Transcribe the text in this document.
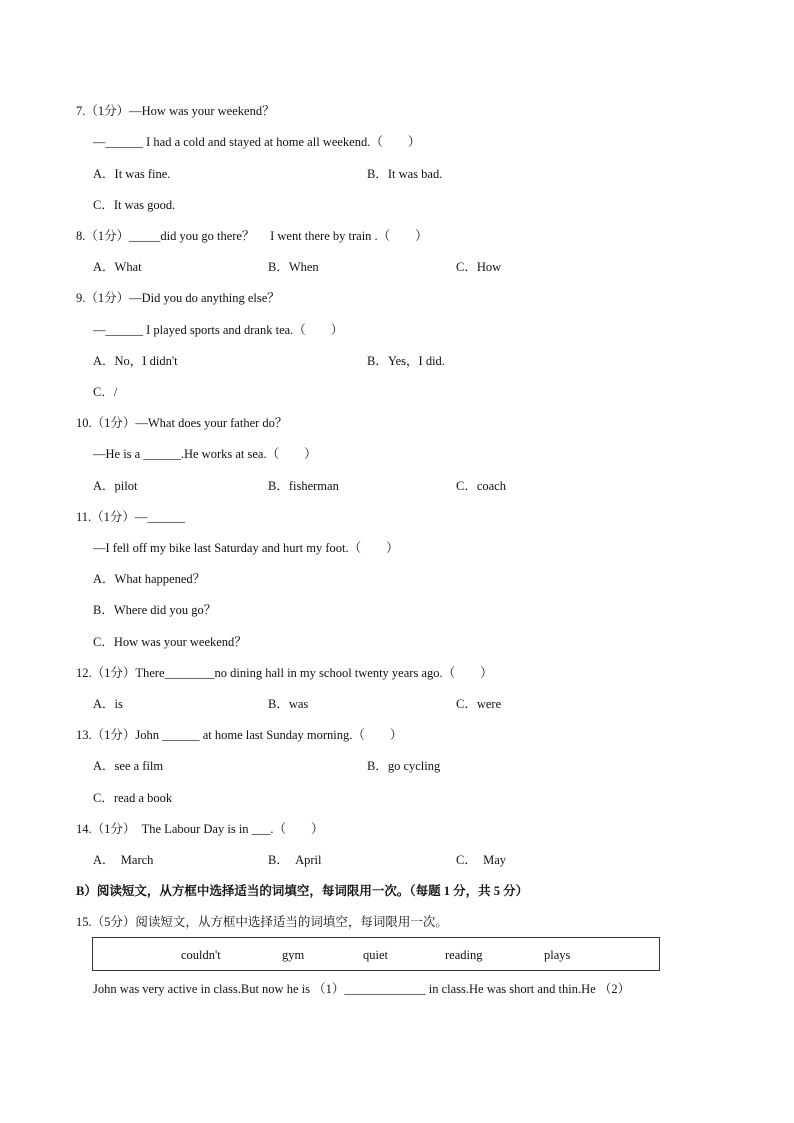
7.（1分）—How was your weekend？
—______ I had a cold and stayed at home all weekend.（　　）
A．It was fine.	B．It was bad.
C．It was good.
8.（1分）_____did you go there？　 I went there by train .（　　）
A．What	B．When	C．How
9.（1分）—Did you do anything else？
—______ I played sports and drank tea.（　　）
A．No，I didn't	B．Yes，I did.
C．/
10.（1分）—What does your father do？
—He is a ______.He works at sea.（　　）
A．pilot	B．fisherman	C．coach
11.（1分）—______
—I fell off my bike last Saturday and hurt my foot.（　　）
A．What happened？
B．Where did you go？
C．How was your weekend？
12.（1分）There________no dining hall in my school twenty years ago.（　　）
A．is	B．was	C．were
13.（1分）John ______ at home last Sunday morning.（　　）
A．see a film	B．go cycling
C．read a book
14.（1分）　The Labour Day is in ___.（　　）
A．　March	B．　April	C．　May
B）阅读短文，从方框中选择适当的词填空，每词限用一次。（每题 1 分，共 5 分）
15.（5分）阅读短文，从方框中选择适当的词填空，每词限用一次。
couldn't	gym	quiet	reading	plays
John was very active in class.But now he is （1）_____________ in class.He was short and thin.He （2）
